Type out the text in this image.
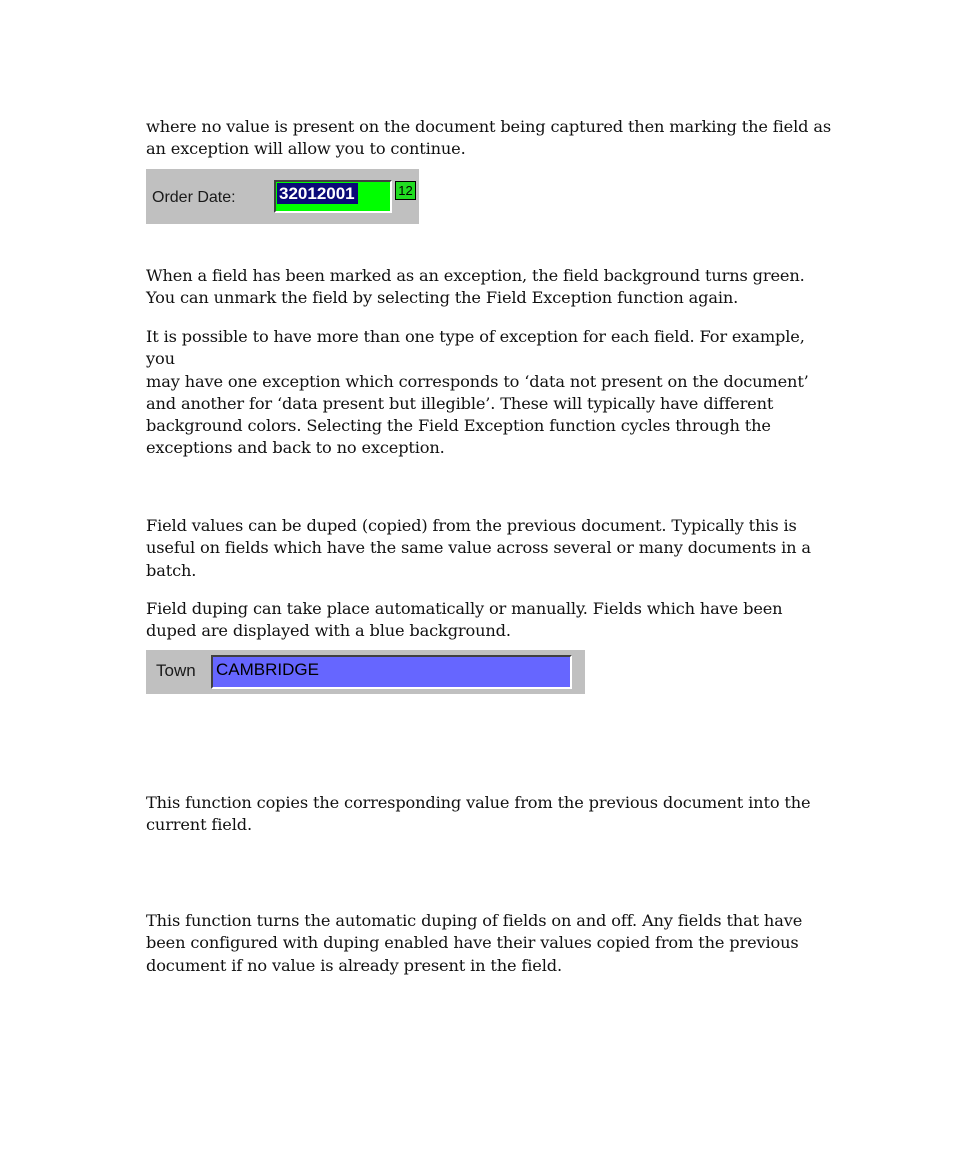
where no value is present on the document being captured then marking the field as
an exception will allow you to continue.

Order Date:	32012001	12

When a field has been marked as an exception, the field background turns green.
You can unmark the field by selecting the Field Exception function again.

It is possible to have more than one type of exception for each field. For example, you
may have one exception which corresponds to ‘data not present on the document’
and another for ‘data present but illegible’. These will typically have different
background colors. Selecting the Field Exception function cycles through the
exceptions and back to no exception.

Field values can be duped (copied) from the previous document. Typically this is
useful on fields which have the same value across several or many documents in a
batch.

Field duping can take place automatically or manually. Fields which have been
duped are displayed with a blue background.

Town CAMBRIDGE

This function copies the corresponding value from the previous document into the
current field.

This function turns the automatic duping of fields on and off. Any fields that have
been configured with duping enabled have their values copied from the previous
document if no value is already present in the field.
